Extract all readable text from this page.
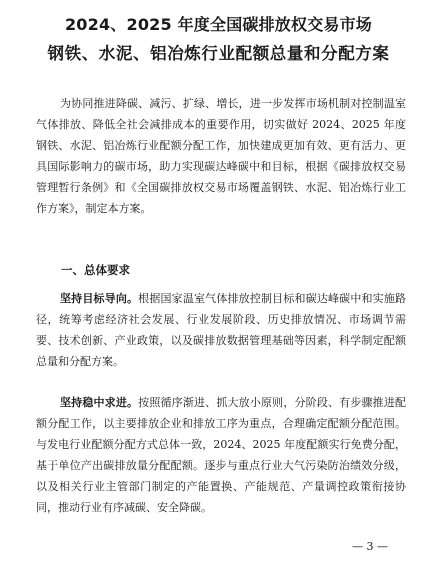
2024、2025 年度全国碳排放权交易市场
钢铁、水泥、铝冶炼行业配额总量和分配方案

为协同推进降碳、减污、扩绿、增长，进一步发挥市场机制对控制温室气体排放、降低全社会减排成本的重要作用，切实做好 2024、2025 年度钢铁、水泥、铝冶炼行业配额分配工作，加快建成更加有效、更有活力、更具国际影响力的碳市场，助力实现碳达峰碳中和目标，根据《碳排放权交易管理暂行条例》和《全国碳排放权交易市场覆盖钢铁、水泥、铝冶炼行业工作方案》，制定本方案。

一、总体要求

坚持目标导向。根据国家温室气体排放控制目标和碳达峰碳中和实施路径，统筹考虑经济社会发展、行业发展阶段、历史排放情况、市场调节需要、技术创新、产业政策，以及碳排放数据管理基础等因素，科学制定配额总量和分配方案。

坚持稳中求进。按照循序渐进、抓大放小原则，分阶段、有步骤推进配额分配工作，以主要排放企业和排放工序为重点，合理确定配额分配范围。与发电行业配额分配方式总体一致，2024、2025 年度配额实行免费分配，基于单位产出碳排放量分配配额。逐步与重点行业大气污染防治绩效分级，以及相关行业主管部门制定的产能置换、产能规范、产量调控政策衔接协同，推动行业有序减碳、安全降碳。

— 3 —
